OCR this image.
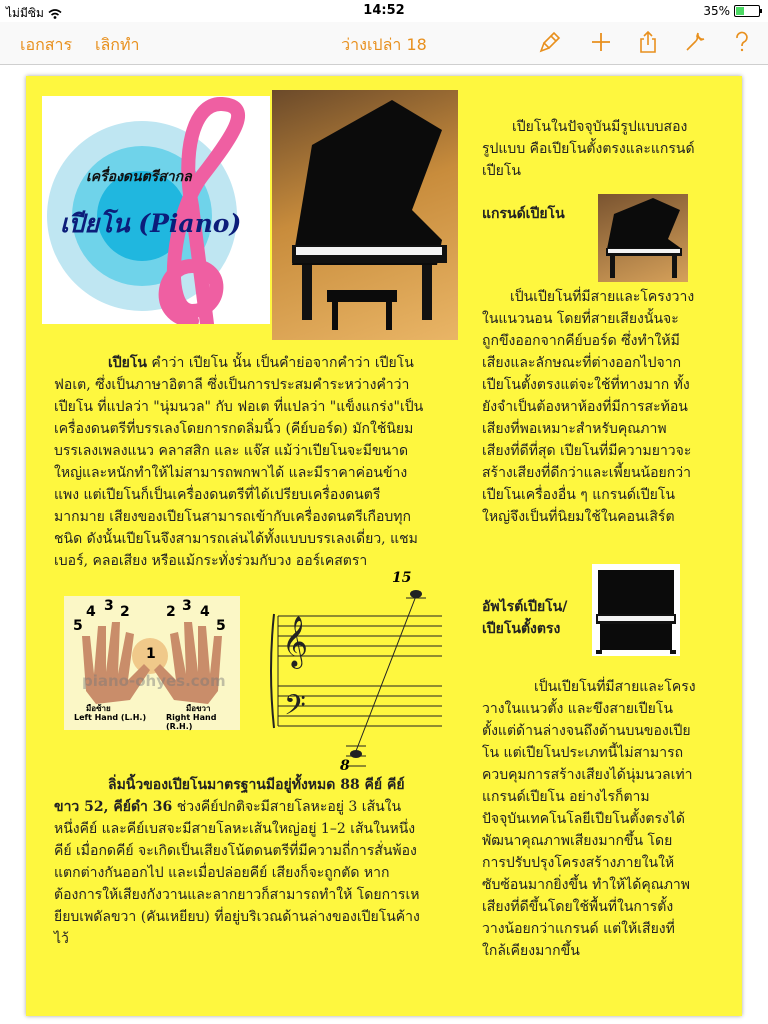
ไม่มีซิม	14:52	35%
เอกสาร เลิกทำ	ว่างเปล่า 18
เครื่องดนตรีสากล
เปียโน (Piano)
เปียโน คำว่า เปียโน นั้น เป็นคำย่อจากคำว่า เปียโน
ฟอเต, ซึ่งเป็นภาษาอิตาลี ซึ่งเป็นการประสมคำระหว่างคำว่า
เปียโน ที่แปลว่า "นุ่มนวล" กับ ฟอเต ที่แปลว่า "แข็งแกร่ง"เป็น
เครื่องดนตรีที่บรรเลงโดยการกดลิ่มนิ้ว (คีย์บอร์ด) มักใช้นิยม
บรรเลงเพลงแนว คลาสสิก และ แจ๊ส แม้ว่าเปียโนจะมีขนาด
ใหญ่และหนักทำให้ไม่สามารถพกพาได้ และมีราคาค่อนข้าง
แพง แต่เปียโนก็เป็นเครื่องดนตรีที่ได้เปรียบเครื่องดนตรี
มากมาย เสียงของเปียโนสามารถเข้ากับเครื่องดนตรีเกือบทุก
ชนิด ดังนั้นเปียโนจึงสามารถเล่นได้ทั้งแบบบรรเลงเดี่ยว, แชม
เบอร์, คลอเสียง หรือแม้กระทั่งร่วมกับวง ออร์เคสตรา
5
4 3 2
1
2 3 4
5
piano-ohyes.com
มือซ้าย
Left Hand (L.H.)
มือขวา
Right Hand (R.H.)
𝄞
𝄢
15
8
ลิ่มนิ้วของเปียโนมาตรฐานมีอยู่ทั้งหมด 88 คีย์ คีย์
ขาว 52, คีย์ดำ 36 ช่วงคีย์ปกติจะมีสายโลหะอยู่ 3 เส้นใน
หนึ่งคีย์ และคีย์เบสจะมีสายโลหะเส้นใหญ่อยู่ 1–2 เส้นในหนึ่ง
คีย์ เมื่อกดคีย์ จะเกิดเป็นเสียงโน้ตดนตรีที่มีความถี่การสั่นพ้อง
แตกต่างกันออกไป และเมื่อปล่อยคีย์ เสียงก็จะถูกตัด หาก
ต้องการให้เสียงกังวานและลากยาวก็สามารถทำให้ โดยการเห
ยียบเพดัลขวา (คันเหยียบ) ที่อยู่บริเวณด้านล่างของเปียโนค้าง
ไว้
เปียโนในปัจจุบันมีรูปแบบสอง
รูปแบบ คือเปียโนตั้งตรงและแกรนด์
เปียโน
แกรนด์เปียโน
เป็นเปียโนที่มีสายและโครงวาง
ในแนวนอน โดยที่สายเสียงนั้นจะ
ถูกขึงออกจากคีย์บอร์ด ซึ่งทำให้มี
เสียงและลักษณะที่ต่างออกไปจาก
เปียโนตั้งตรงแต่จะใช้ที่ทางมาก ทั้ง
ยังจำเป็นต้องหาห้องที่มีการสะท้อน
เสียงที่พอเหมาะสำหรับคุณภาพ
เสียงที่ดีที่สุด เปียโนที่มีความยาวจะ
สร้างเสียงที่ดีกว่าและเพี้ยนน้อยกว่า
เปียโนเครื่องอื่น ๆ แกรนด์เปียโน
ใหญ่จึงเป็นที่นิยมใช้ในคอนเสิร์ต
อัพไรต์เปียโน/
เปียโนตั้งตรง
เป็นเปียโนที่มีสายและโครง
วางในแนวตั้ง และขึงสายเปียโน
ตั้งแต่ด้านล่างจนถึงด้านบนของเปีย
โน แต่เปียโนประเภทนี้ไม่สามารถ
ควบคุมการสร้างเสียงได้นุ่มนวลเท่า
แกรนด์เปียโน อย่างไรก็ตาม
ปัจจุบันเทคโนโลยีเปียโนตั้งตรงได้
พัฒนาคุณภาพเสียงมากขึ้น โดย
การปรับปรุงโครงสร้างภายในให้
ซับซ้อนมากยิ่งขึ้น ทำให้ได้คุณภาพ
เสียงที่ดีขึ้นโดยใช้พื้นที่ในการตั้ง
วางน้อยกว่าแกรนด์ แต่ให้เสียงที่
ใกล้เคียงมากขึ้น
